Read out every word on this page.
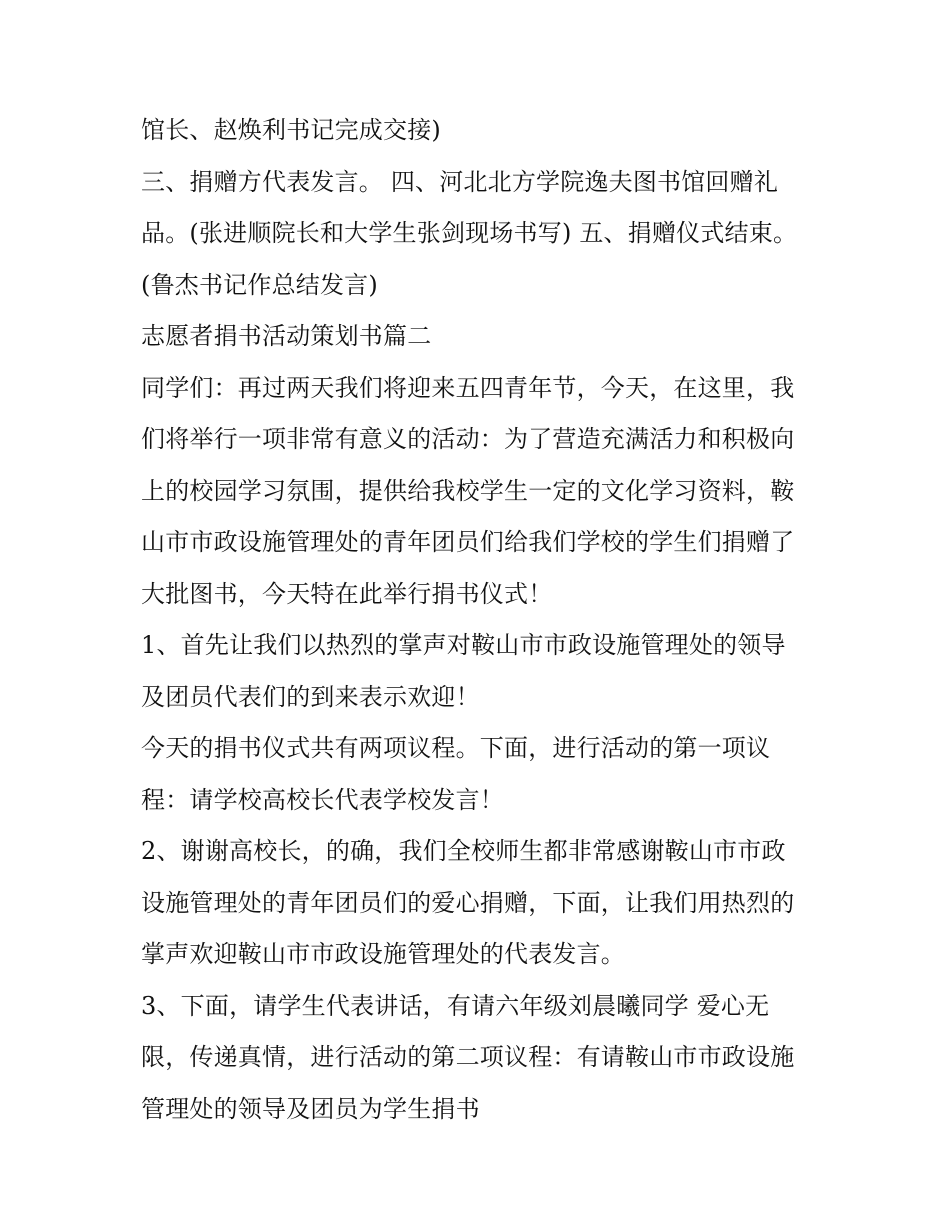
馆长、赵焕利书记完成交接)
三、捐赠方代表发言。 四、河北北方学院逸夫图书馆回赠礼
品。(张进顺院长和大学生张剑现场书写) 五、捐赠仪式结束。
(鲁杰书记作总结发言)
志愿者捐书活动策划书篇二
同学们：再过两天我们将迎来五四青年节，今天，在这里，我
们将举行一项非常有意义的活动：为了营造充满活力和积极向
上的校园学习氛围，提供给我校学生一定的文化学习资料，鞍
山市市政设施管理处的青年团员们给我们学校的学生们捐赠了
大批图书，今天特在此举行捐书仪式！
1、首先让我们以热烈的掌声对鞍山市市政设施管理处的领导
及团员代表们的到来表示欢迎！
今天的捐书仪式共有两项议程。下面，进行活动的第一项议
程：请学校高校长代表学校发言！
2、谢谢高校长，的确，我们全校师生都非常感谢鞍山市市政
设施管理处的青年团员们的爱心捐赠，下面，让我们用热烈的
掌声欢迎鞍山市市政设施管理处的代表发言。
3、下面，请学生代表讲话，有请六年级刘晨曦同学 爱心无
限，传递真情，进行活动的第二项议程：有请鞍山市市政设施
管理处的领导及团员为学生捐书
